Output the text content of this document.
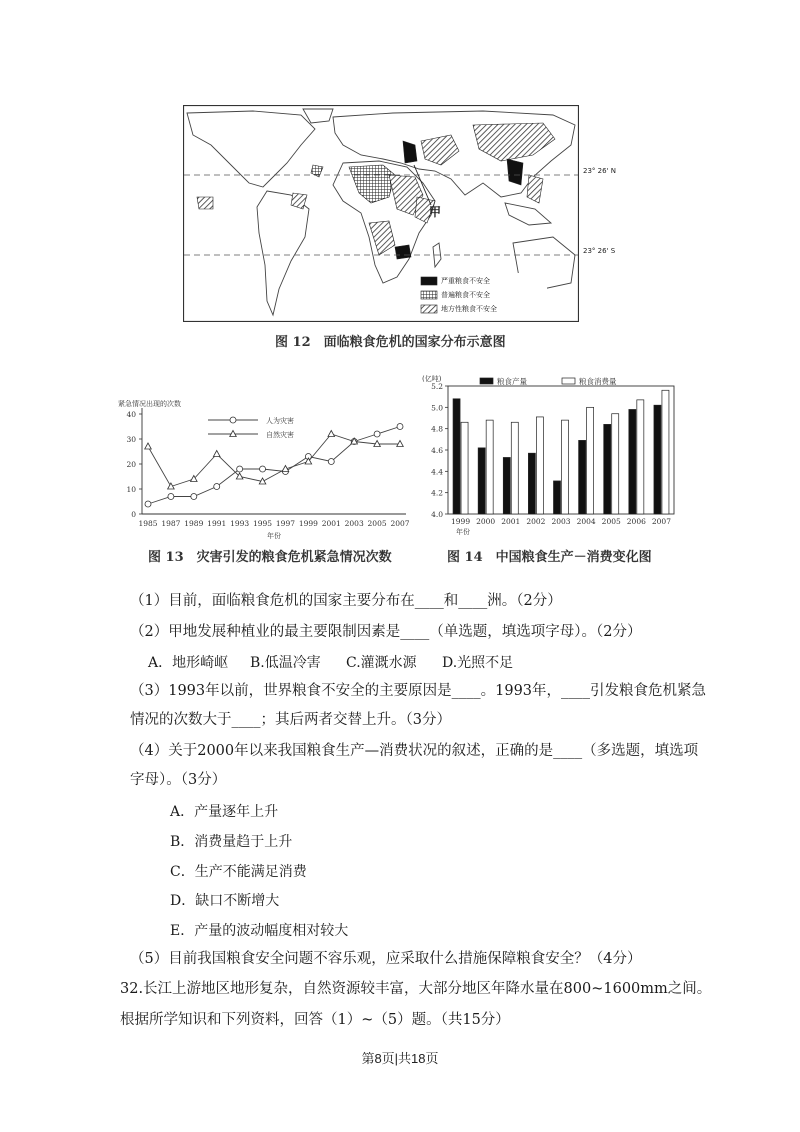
23° 26' N
23° 26' S
甲
严重粮食不安全
普遍粮食不安全
地方性粮食不安全
图 12　面临粮食危机的国家分布示意图
紧急情况出现的次数
0
10
20
30
40
1985 1987 1989 1991 1993 1995 1997 1999 2001 2003 2005 2007
年份
人为灾害
自然灾害
图 13　灾害引发的粮食危机紧急情况次数
(亿吨)
4.0
4.2
4.4
4.6
4.8
5.0
5.2
1999 2000 2001 2002 2003 2004 2005 2006 2007
年份
粮食产量	粮食消费量
图 14　中国粮食生产－消费变化图
（1）目前，面临粮食危机的国家主要分布在____和____洲。（2分）
（2）甲地发展种植业的最主要限制因素是____（单选题，填选项字母）。（2分）
A．地形崎岖 B.低温冷害 C.灌溉水源 D.光照不足
（3）1993年以前，世界粮食不安全的主要原因是____。1993年，____引发粮食危机紧急
情况的次数大于____；其后两者交替上升。（3分）
（4）关于2000年以来我国粮食生产—消费状况的叙述，正确的是____（多选题，填选项
字母）。（3分）
A．产量逐年上升
B．消费量趋于上升
C．生产不能满足消费
D．缺口不断增大
E．产量的波动幅度相对较大
（5）目前我国粮食安全问题不容乐观，应采取什么措施保障粮食安全？（4分）
32.长江上游地区地形复杂，自然资源较丰富，大部分地区年降水量在800~1600mm之间。
根据所学知识和下列资料，回答（1）~（5）题。（共15分）
第8页|共18页
